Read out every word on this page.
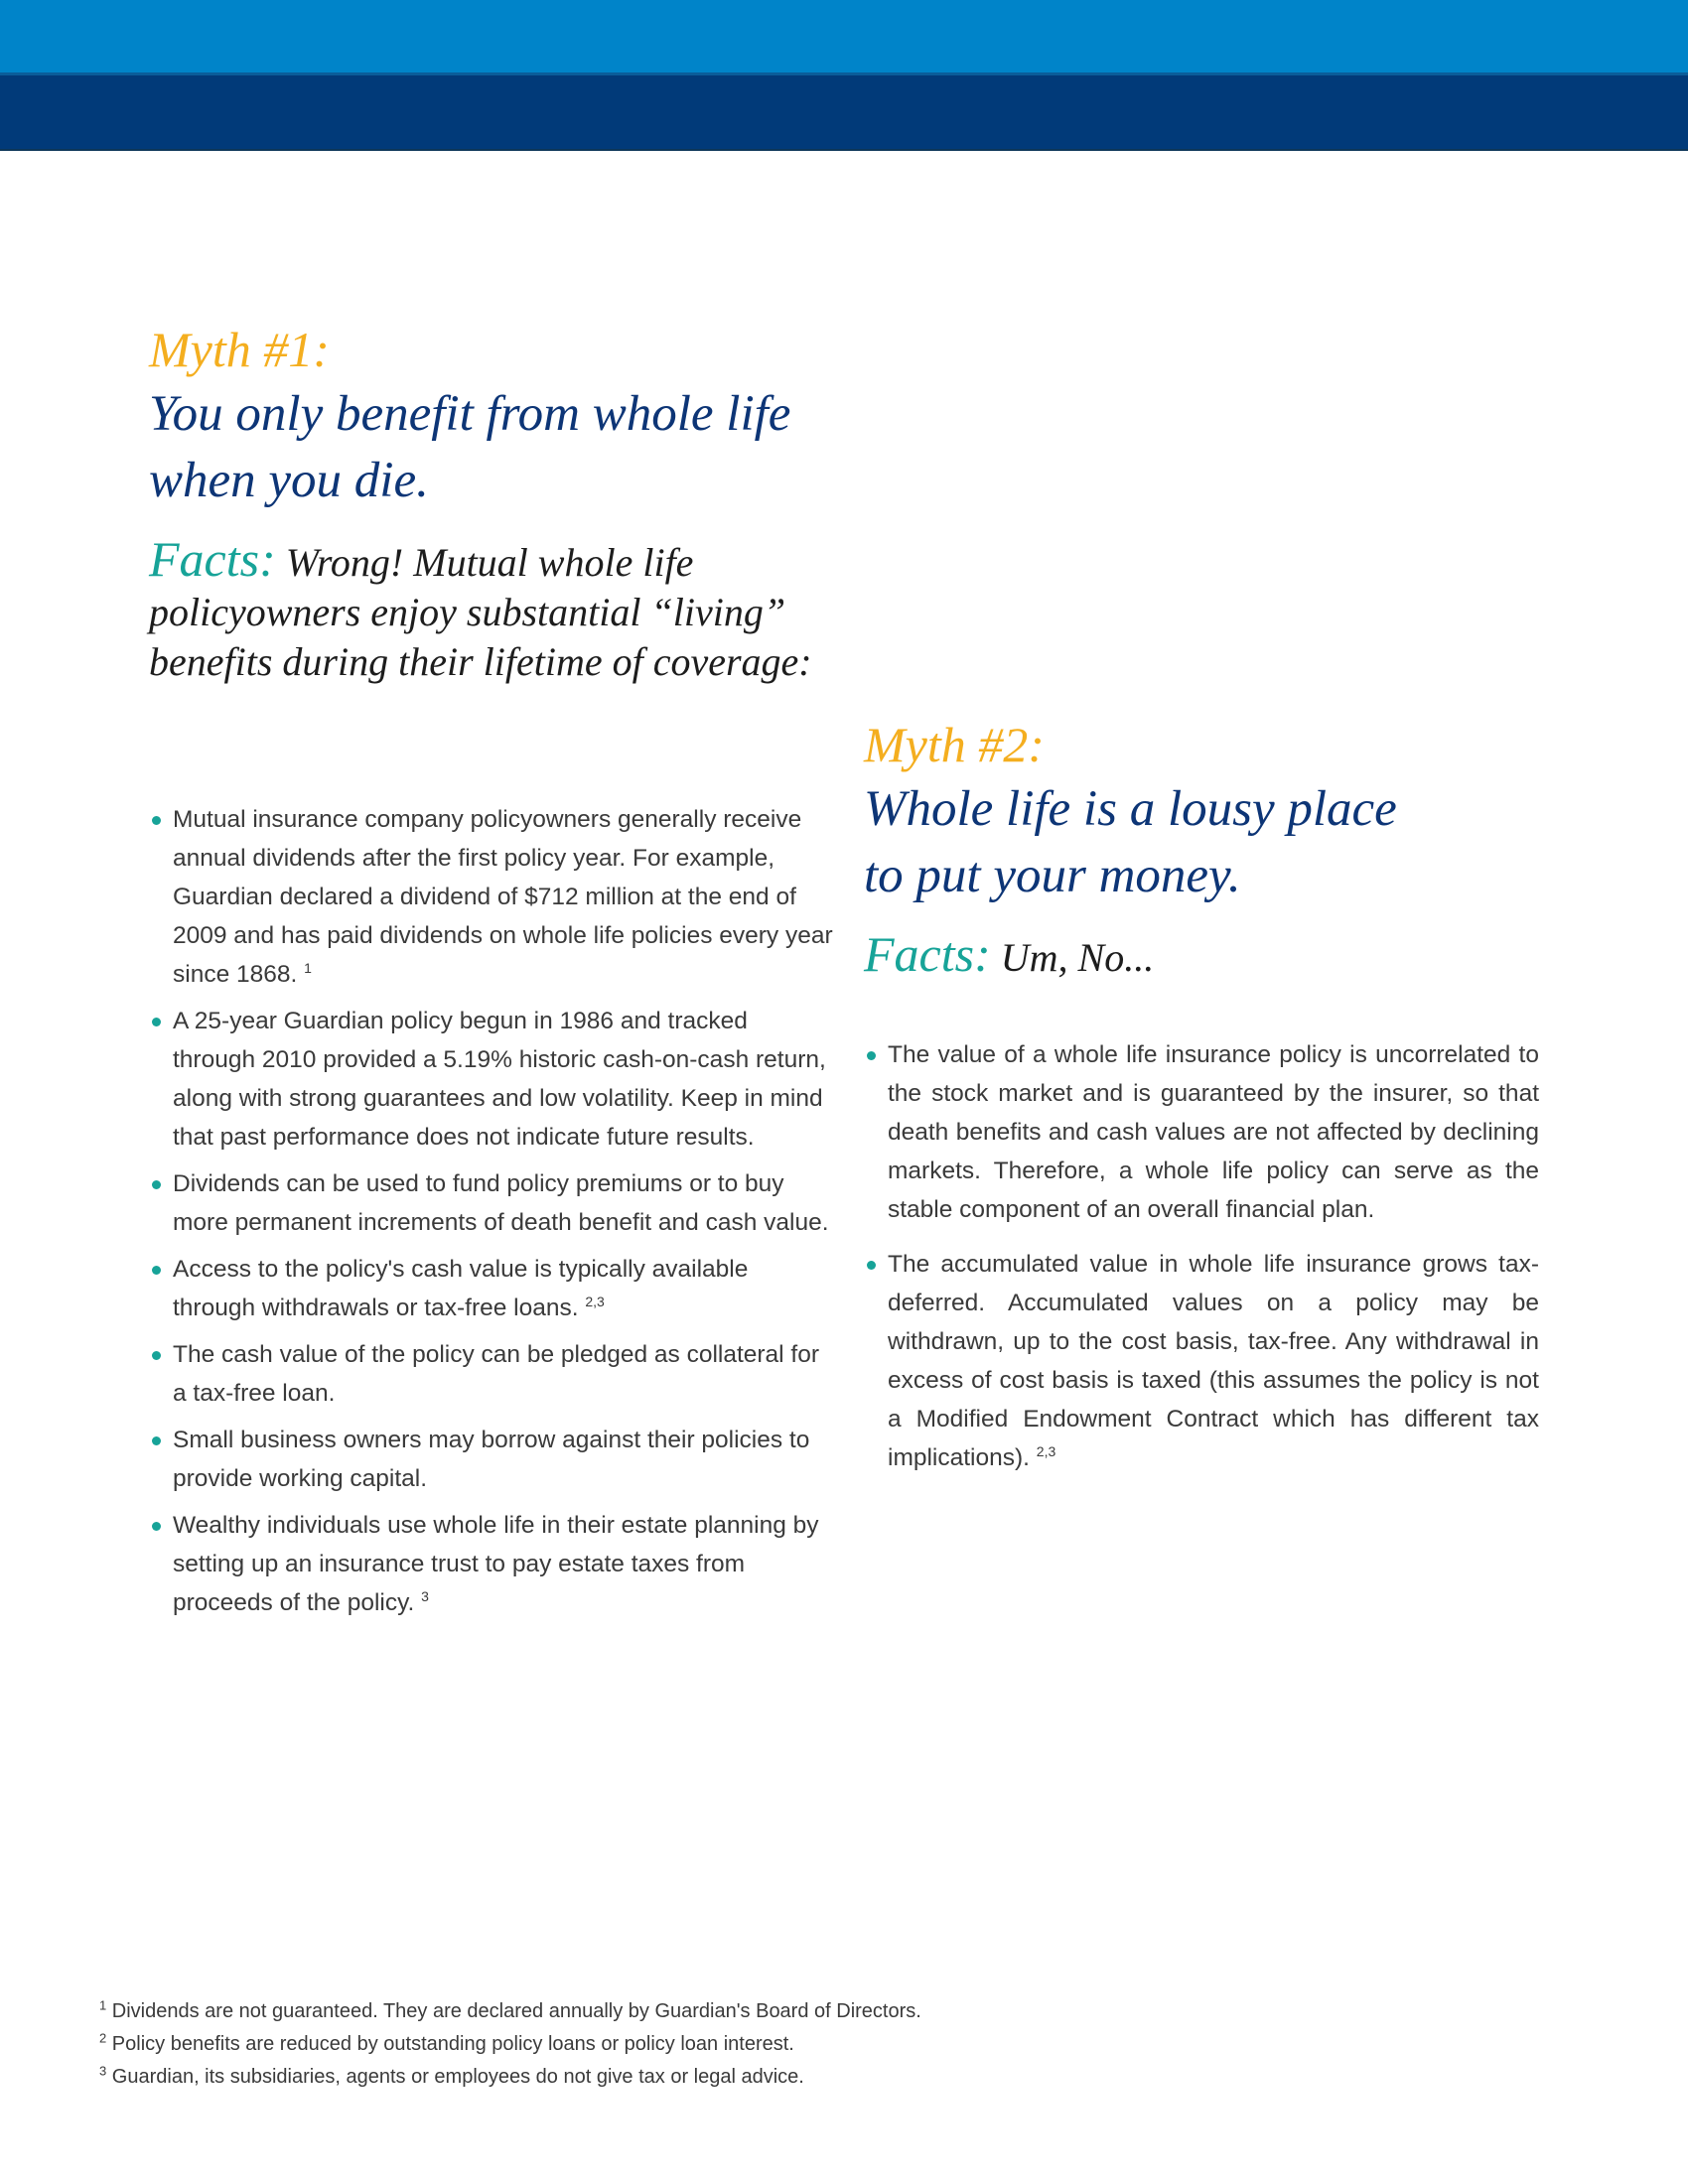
Myth #1:

You only benefit from whole life
when you die.

Facts: Wrong! Mutual whole life policyowners enjoy substantial “living” benefits during their lifetime of coverage:

Mutual insurance company policyowners generally receive annual dividends after the first policy year. For example, Guardian declared a dividend of $712 million at the end of 2009 and has paid dividends on whole life policies every year since 1868. $^1$
A 25-year Guardian policy begun in 1986 and tracked through 2010 provided a 5.19% historic cash-on-cash return, along with strong guarantees and low volatility. Keep in mind that past performance does not indicate future results.
Dividends can be used to fund policy premiums or to buy more permanent increments of death benefit and cash value.
Access to the policy's cash value is typically available through withdrawals or tax-free loans. $^{2,3}$
The cash value of the policy can be pledged as collateral for a tax-free loan.
Small business owners may borrow against their policies to provide working capital.
Wealthy individuals use whole life in their estate planning by setting up an insurance trust to pay estate taxes from proceeds of the policy. $^3$

Myth #2:

Whole life is a lousy place
to put your money.

Facts: Um, No...

The value of a whole life insurance policy is uncorrelated to the stock market and is guaranteed by the insurer, so that death benefits and cash values are not affected by declining markets. Therefore, a whole life policy can serve as the stable component of an overall financial plan.
The accumulated value in whole life insurance grows tax-deferred. Accumulated values on a policy may be withdrawn, up to the cost basis, tax-free. Any withdrawal in excess of cost basis is taxed (this assumes the policy is not a Modified Endowment Contract which has different tax implications). $^{2,3}$
$^1$ Dividends are not guaranteed. They are declared annually by Guardian's Board of Directors.
$^2$ Policy benefits are reduced by outstanding policy loans or policy loan interest.
$^3$ Guardian, its subsidiaries, agents or employees do not give tax or legal advice.
